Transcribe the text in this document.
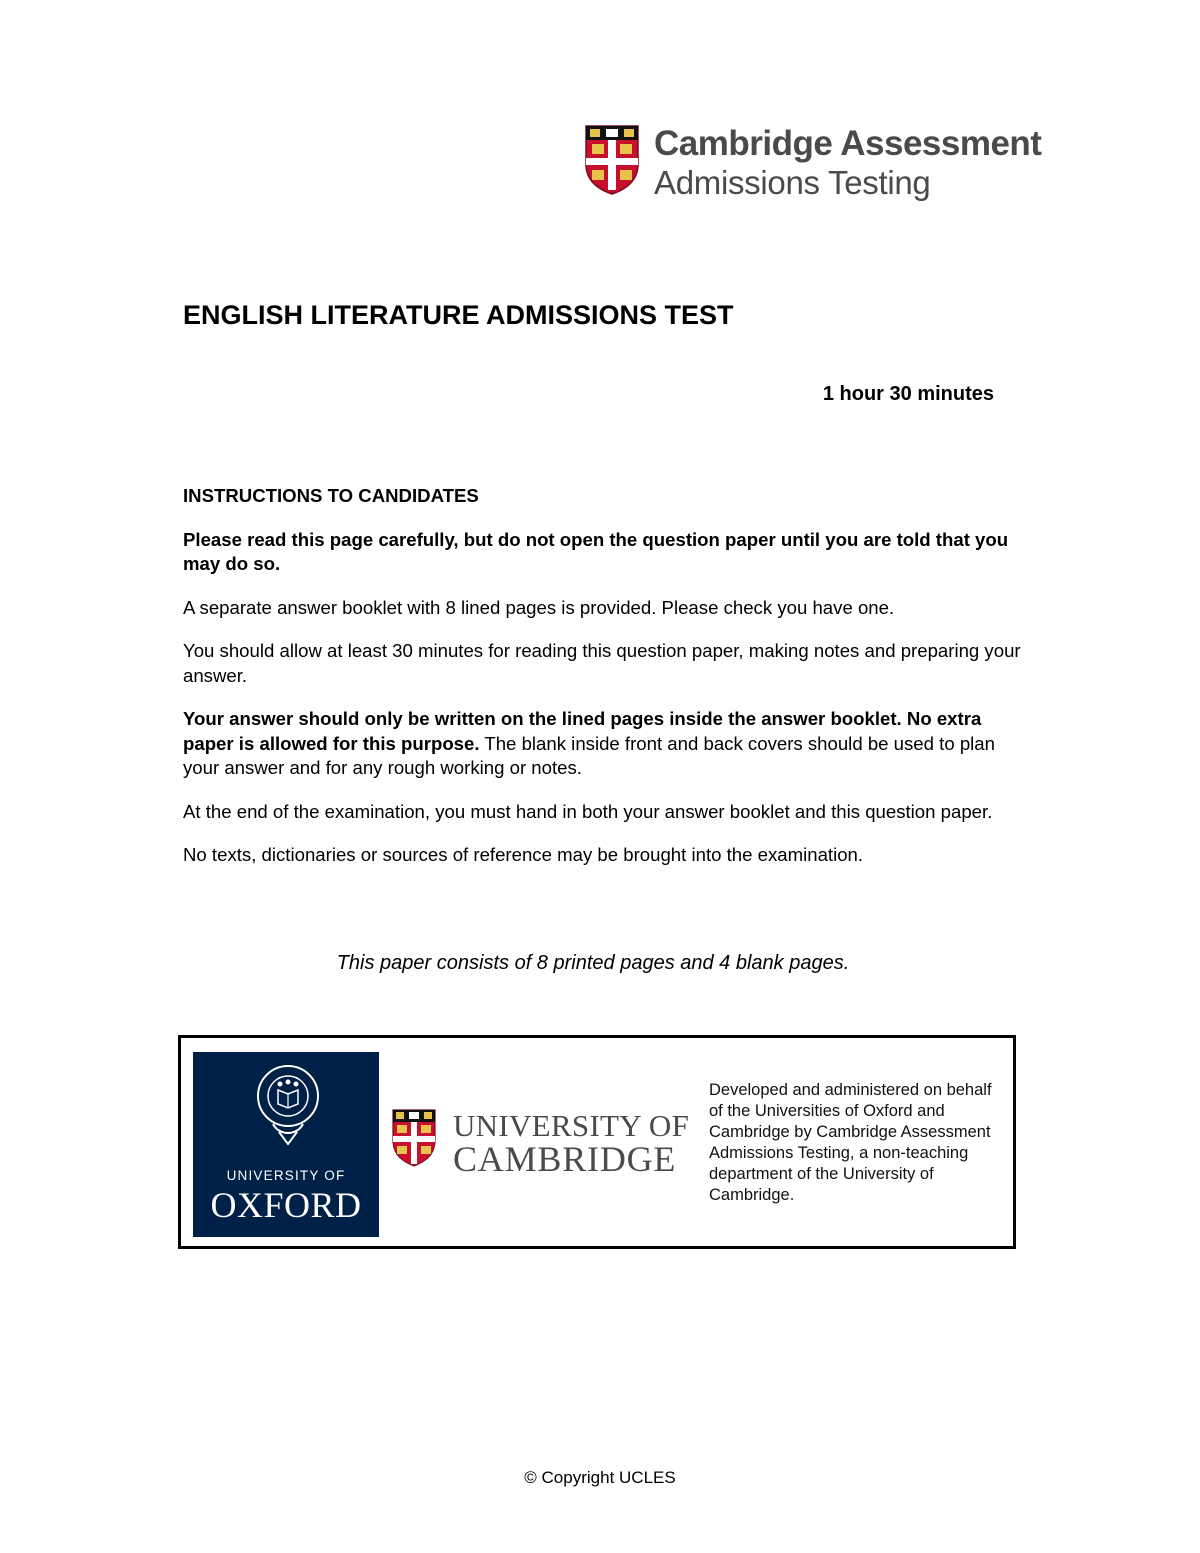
Cambridge Assessment
Admissions Testing
ENGLISH LITERATURE ADMISSIONS TEST
1 hour 30 minutes

INSTRUCTIONS TO CANDIDATES

Please read this page carefully, but do not open the question paper until you are told that you may do so.

A separate answer booklet with 8 lined pages is provided. Please check you have one.

You should allow at least 30 minutes for reading this question paper, making notes and preparing your answer.

Your answer should only be written on the lined pages inside the answer booklet. No extra paper is allowed for this purpose. The blank inside front and back covers should be used to plan your answer and for any rough working or notes.

At the end of the examination, you must hand in both your answer booklet and this question paper.

No texts, dictionaries or sources of reference may be brought into the examination.

This paper consists of 8 printed pages and 4 blank pages.
UNIVERSITY OF
OXFORD
UNIVERSITY OF
CAMBRIDGE
Developed and administered on behalf of the Universities of Oxford and Cambridge by Cambridge Assessment Admissions Testing, a non-teaching department of the University of Cambridge.
© Copyright UCLES
